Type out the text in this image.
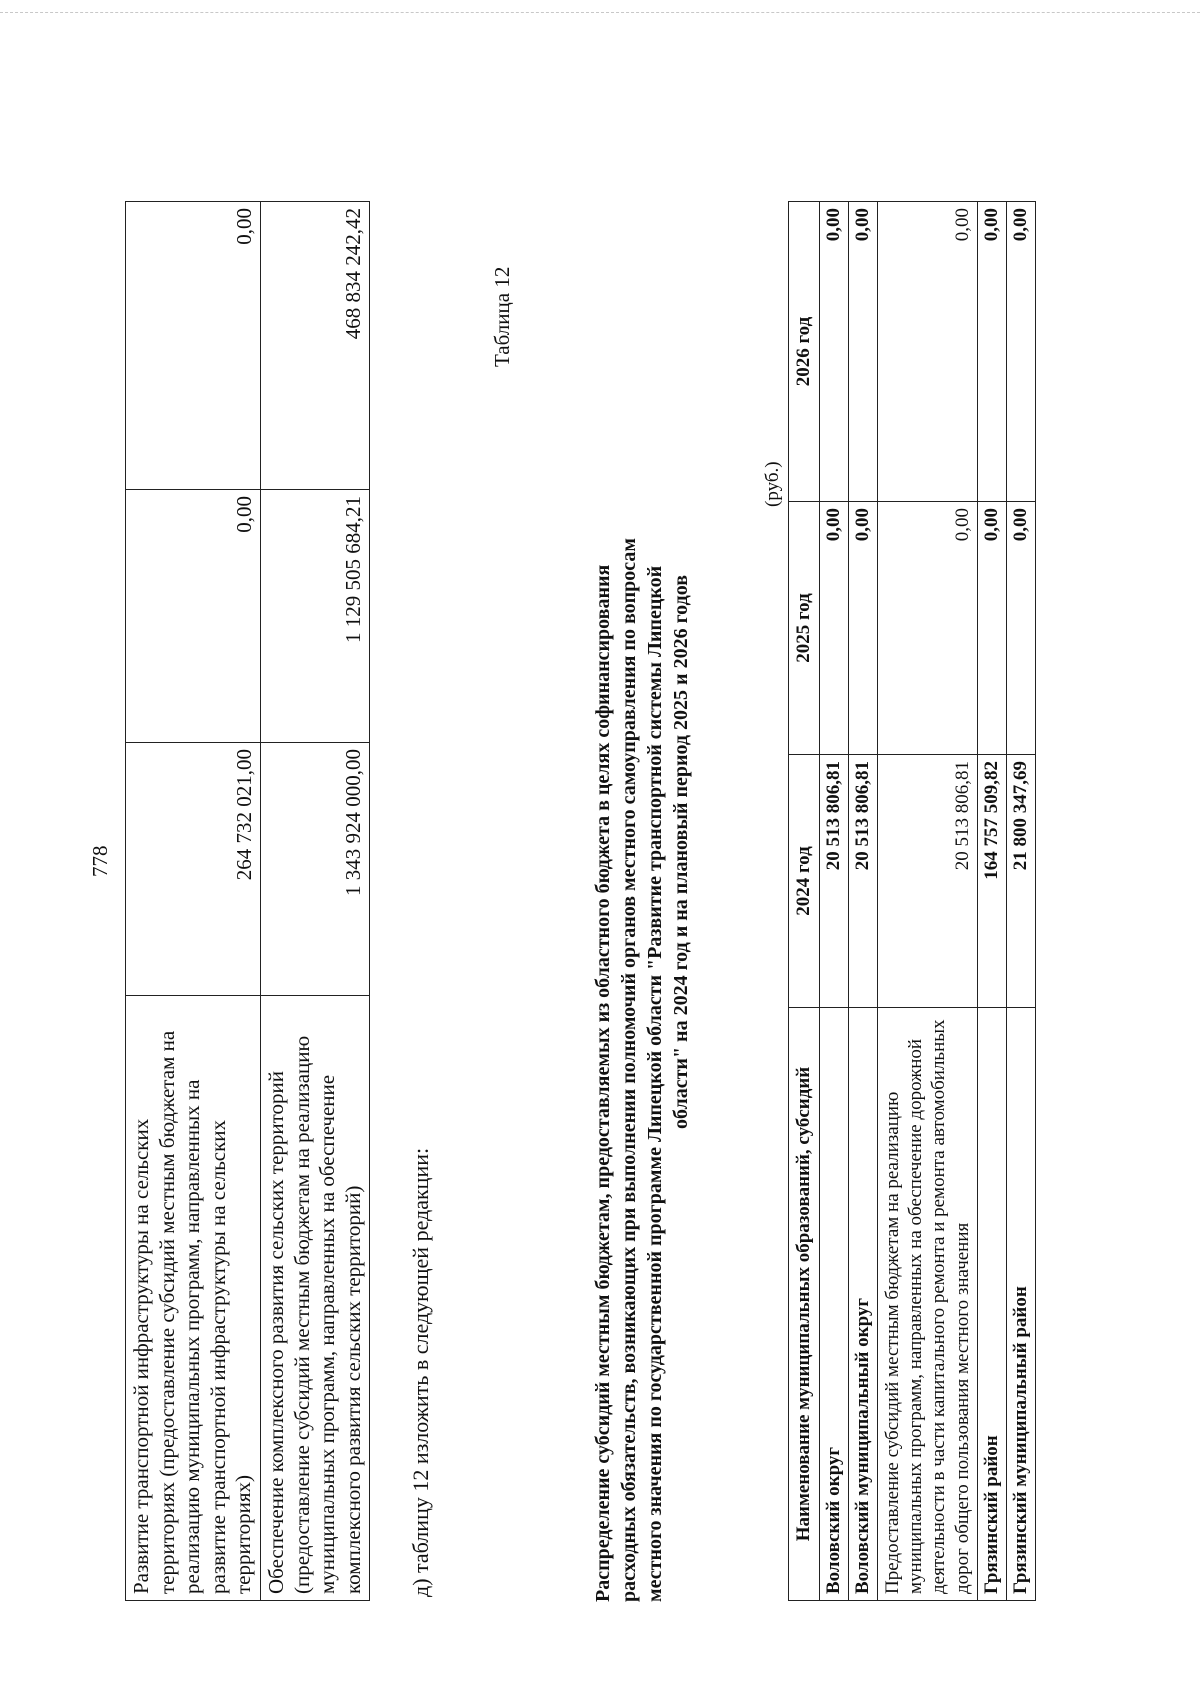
778
Развитие транспортной инфраструктуры на сельских территориях (предоставление субсидий местным бюджетам на реализацию муниципальных программ, направленных на развитие транспортной инфраструктуры на сельских территориях)	264 732 021,00	0,00	0,00
Обеспечение комплексного развития сельских территорий (предоставление субсидий местным бюджетам на реализацию муниципальных программ, направленных на обеспечение комплексного развития сельских территорий)	1 343 924 000,00	1 129 505 684,21	468 834 242,42
д) таблицу 12 изложить в следующей редакции:
Таблица 12
Распределение субсидий местным бюджетам, предоставляемых из областного бюджета в целях софинансирования расходных обязательств, возникающих при выполнении полномочий органов местного самоуправления по вопросам местного значения по государственной программе Липецкой области "Развитие транспортной системы Липецкой области" на 2024 год и на плановый период 2025 и 2026 годов
(руб.)
Наименование муниципальных образований, субсидий	2024 год	2025 год	2026 год
Воловский округ	20 513 806,81	0,00	0,00
Воловский муниципальный округ	20 513 806,81	0,00	0,00
Предоставление субсидий местным бюджетам на реализацию муниципальных программ, направленных на обеспечение дорожной деятельности в части капитального ремонта и ремонта автомобильных дорог общего пользования местного значения	20 513 806,81	0,00	0,00
Грязинский район	164 757 509,82	0,00	0,00
Грязинский муниципальный район	21 800 347,69	0,00	0,00
